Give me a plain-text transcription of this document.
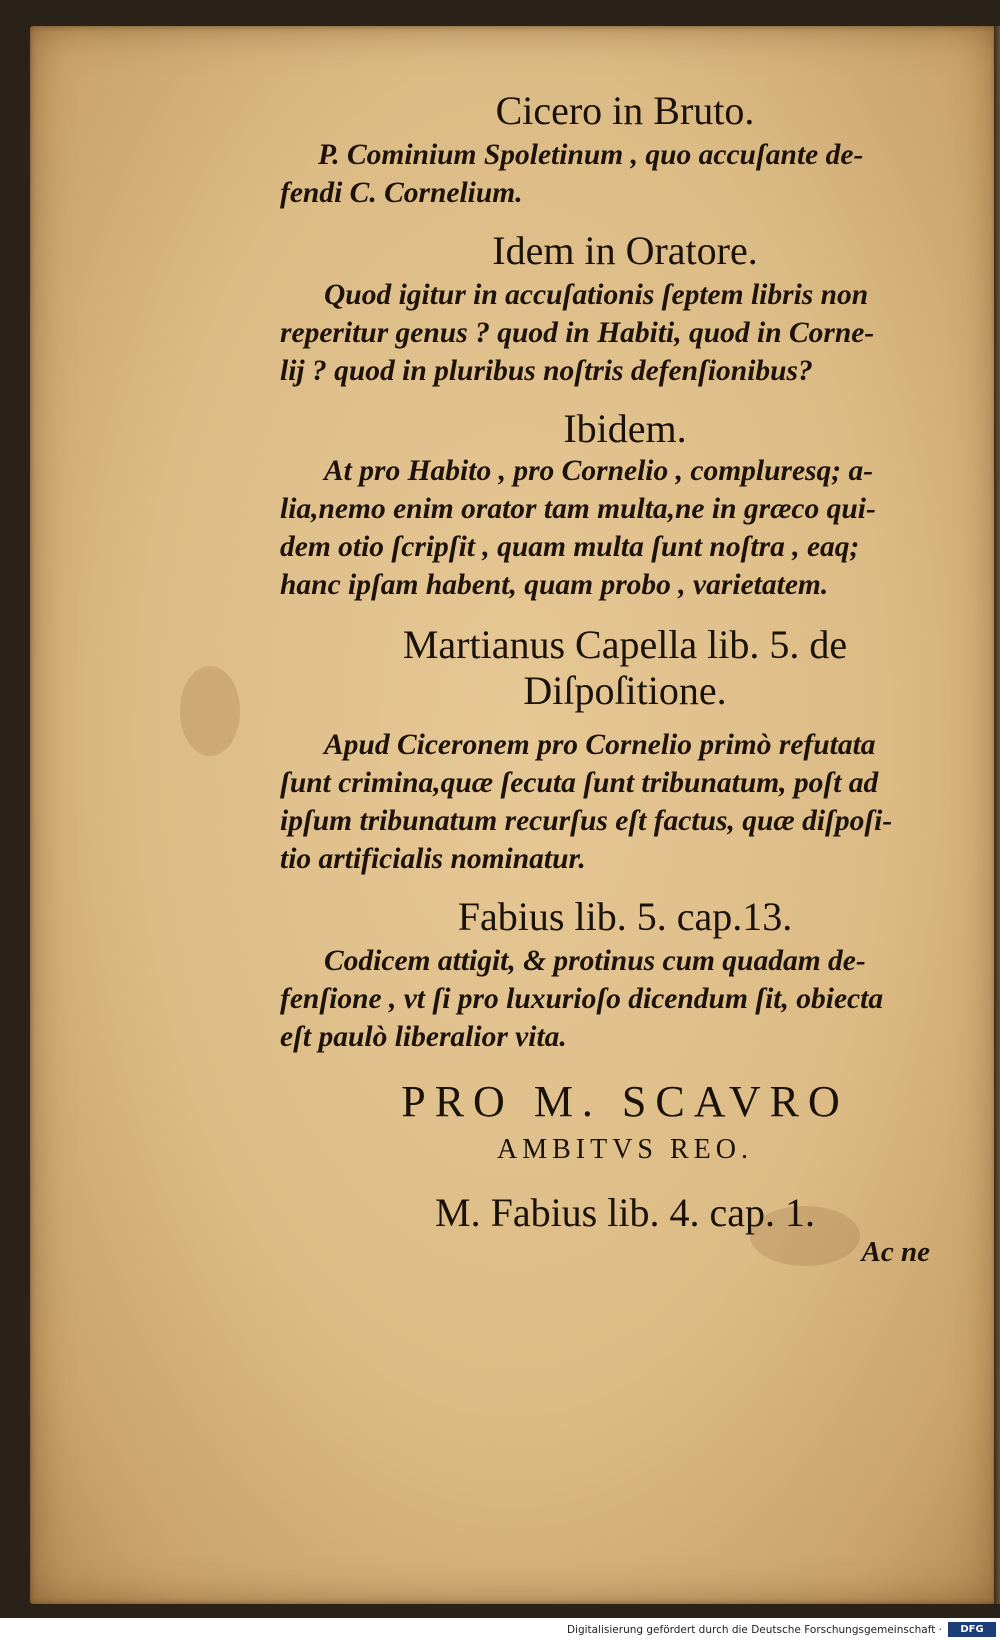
Cicero in Bruto.
P. Cominium Spoletinum , quo accuſante de-
fendi C. Cornelium.
Idem in Oratore.
Quod igitur in accuſationis ſeptem libris non
reperitur genus ? quod in Habiti, quod in Corne-
lij ? quod in pluribus noſtris defenſionibus?
Ibidem.
At pro Habito , pro Cornelio , compluresq; a-
lia,nemo enim orator tam multa,ne in græco qui-
dem otio ſcripſit , quam multa ſunt noſtra , eaq;
hanc ipſam habent, quam probo , varietatem.
Martianus Capella lib. 5. de
Diſpoſitione.
Apud Ciceronem pro Cornelio primò refutata
ſunt crimina,quæ ſecuta ſunt tribunatum, poſt ad
ipſum tribunatum recurſus eſt factus, quæ diſpoſi-
tio artificialis nominatur.
Fabius lib. 5. cap.13.
Codicem attigit, & protinus cum quadam de-
fenſione , vt ſi pro luxurioſo dicendum ſit, obiecta
eſt paulò liberalior vita.
PRO M. SCAVRO
AMBITVS REO.
M. Fabius lib. 4. cap. 1.
Ac ne
Digitalisierung gefördert durch die Deutsche Forschungsgemeinschaft ·	DFG
